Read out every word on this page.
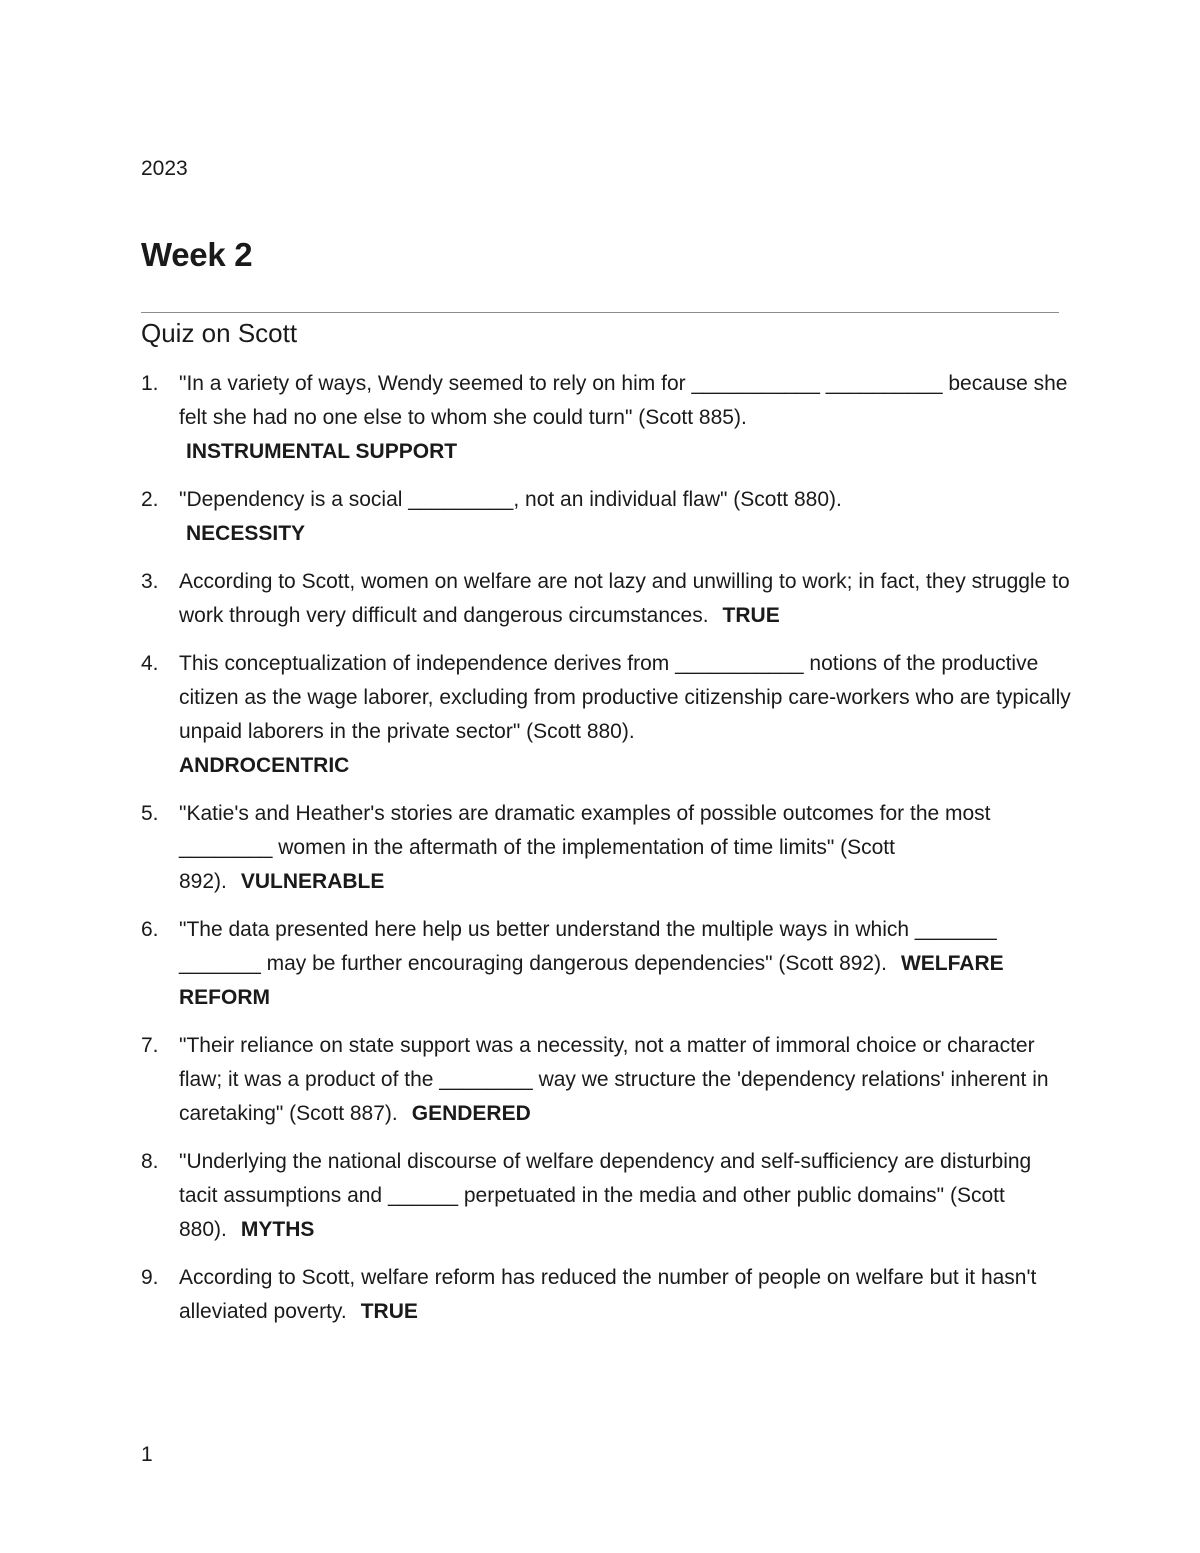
2023
Week 2
Quiz on Scott
1. "In a variety of ways, Wendy seemed to rely on him for ___________ __________ because she felt she had no one else to whom she could turn" (Scott 885).
INSTRUMENTAL SUPPORT
2. "Dependency is a social _________, not an individual flaw" (Scott 880).
NECESSITY
3. According to Scott, women on welfare are not lazy and unwilling to work; in fact, they struggle to work through very difficult and dangerous circumstances. TRUE
4. This conceptualization of independence derives from ___________ notions of the productive citizen as the wage laborer, excluding from productive citizenship care-workers who are typically unpaid laborers in the private sector" (Scott 880).
ANDROCENTRIC
5. "Katie's and Heather's stories are dramatic examples of possible outcomes for the most ________ women in the aftermath of the implementation of time limits" (Scott 892). VULNERABLE
6. "The data presented here help us better understand the multiple ways in which _______ _______ may be further encouraging dangerous dependencies" (Scott 892). WELFARE REFORM
7. "Their reliance on state support was a necessity, not a matter of immoral choice or character flaw; it was a product of the ________ way we structure the 'dependency relations' inherent in caretaking" (Scott 887). GENDERED
8. "Underlying the national discourse of welfare dependency and self-sufficiency are disturbing tacit assumptions and ______ perpetuated in the media and other public domains" (Scott 880). MYTHS
9. According to Scott, welfare reform has reduced the number of people on welfare but it hasn't alleviated poverty. TRUE
1
